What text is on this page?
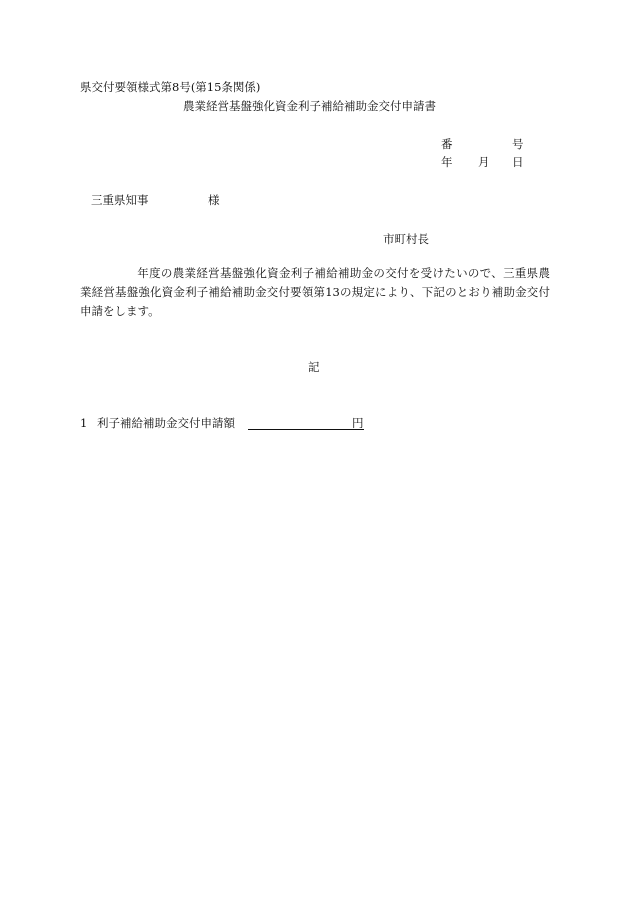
県交付要領様式第8号(第15条関係)
農業経営基盤強化資金利子補給補助金交付申請書
番	号
年 月 日
三重県知事	様
市町村長
年度の農業経営基盤強化資金利子補給補助金の交付を受けたいので、三重県農業経営基盤強化資金利子補給補助金交付要領第13の規定により、下記のとおり補助金交付申請をします。
記
1 利子補給補助金交付申請額	円
